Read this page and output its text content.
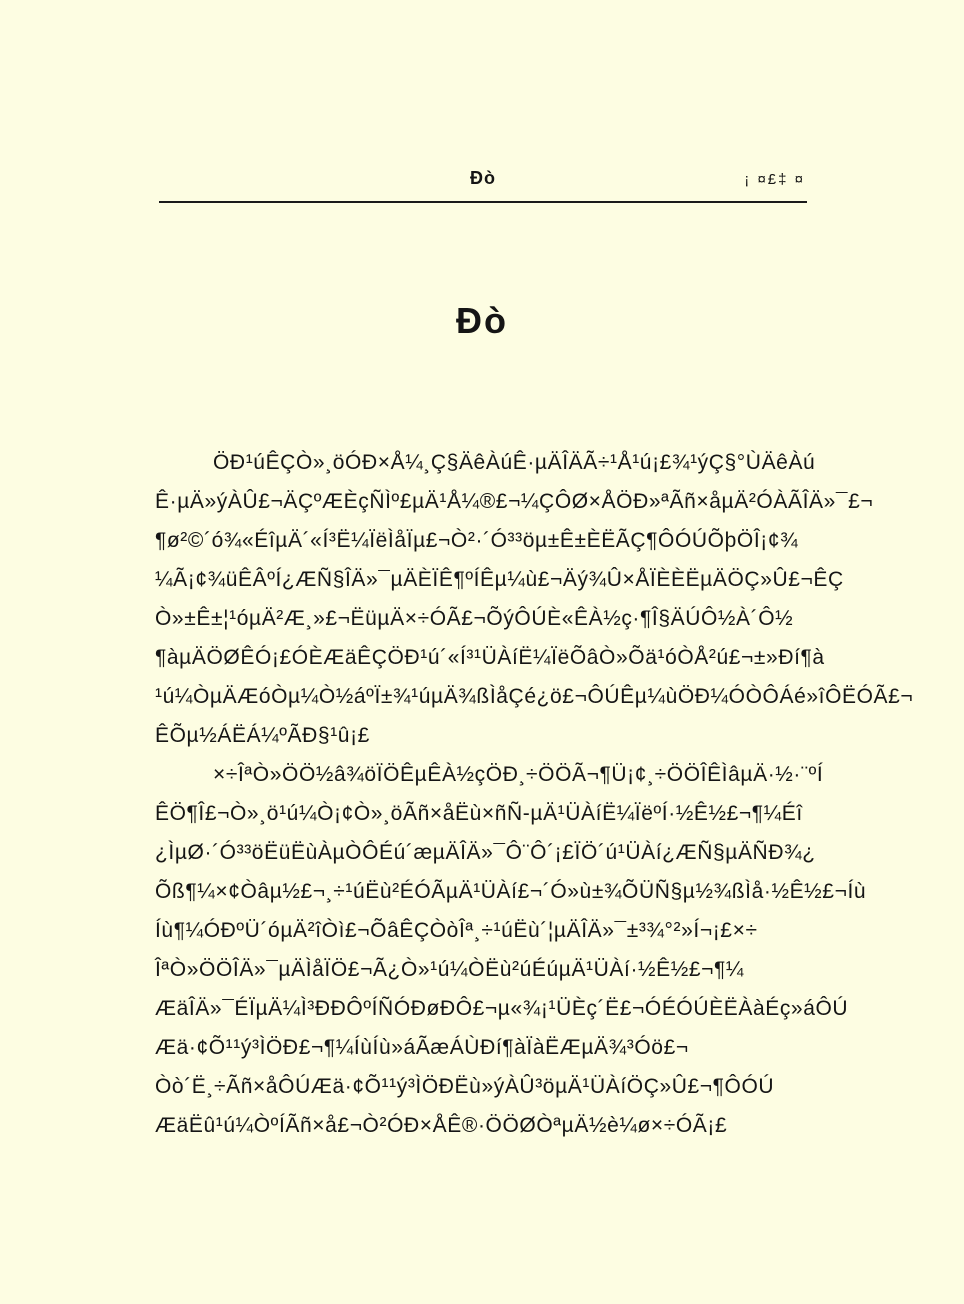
Ðò	¡ ¤£‡ ¤
Ðò
ÖÐ¹úÊÇÒ»¸öÓÐ×Å¼¸Ç§ÄêÀúÊ·µÄÎÄÃ÷¹Å¹ú¡£¾¹ýÇ§°ÙÄêÀú
Ê·µÄ»ýÀÛ£¬ÄÇºÆÈçÑÌº£µÄ¹Å¼®£¬¼ÇÔØ×ÅÖÐ»ªÃñ×åµÄ²ÓÀÃÎÄ»¯£¬
¶ø²©´ó¾«ÉîµÄ´«Í³Ë¼ÏëÌåÏµ£¬Ò²·´Ó³³öµ±Ê±ÈËÃÇ¶ÔÓÚÕþÖÎ¡¢¾
¼Ã¡¢¾üÊÂºÍ¿ÆÑ§ÎÄ»¯µÄÈÏÊ¶ºÍÊµ¼ù£¬Äý¾Û×ÅÏÈÈËµÄÖÇ»Û£¬ÊÇ
Ò»±Ê±¦¹óµÄ²Æ¸»£¬ËüµÄ×÷ÓÃ£¬ÕýÔÚÈ«ÊÀ½ç·¶Î§ÄÚÔ½À´Ô½
¶àµÄÖØÊÓ¡£ÓÈÆäÊÇÖÐ¹ú´«Í³¹ÜÀíË¼ÏëÕâÒ»Õä¹óÒÅ²ú£¬±»Ðí¶à
¹ú¼ÒµÄÆóÒµ¼Ò½áºÏ±¾¹úµÄ¾ßÌåÇé¿ö£¬ÔÚÊµ¼ùÖÐ¼ÓÒÔÁé»îÔËÓÃ£¬
ÊÕµ½ÁËÁ¼ºÃÐ§¹û¡£
×÷ÎªÒ»ÖÖ½â¾öÏÖÊµÊÀ½çÖÐ¸÷ÖÖÃ¬¶Ü¡¢¸÷ÖÖÎÊÌâµÄ·½·¨ºÍ
ÊÖ¶Î£¬Ò»¸ö¹ú¼Ò¡¢Ò»¸öÃñ×åËù×ñÑ-µÄ¹ÜÀíË¼ÏëºÍ·½Ê½£¬¶¼Éî
¿ÌµØ·´Ó³³öËüËùÀµÒÔÉú´æµÄÎÄ»¯Ô¨Ô´¡£ÏÖ´ú¹ÜÀí¿ÆÑ§µÄÑÐ¾¿
Õß¶¼×¢Òâµ½£¬¸÷¹úËù²ÉÓÃµÄ¹ÜÀí£¬´Ó»ù±¾ÕÜÑ§µ½¾ßÌå·½Ê½£¬Íù
Íù¶¼ÓÐºÜ´óµÄ²îÒì£¬ÕâÊÇÒòÎª¸÷¹úËù´¦µÄÎÄ»¯±³¾°²»Í¬¡£×÷
ÎªÒ»ÖÖÎÄ»¯µÄÌåÏÖ£¬Ã¿Ò»¹ú¼ÒËù²úÉúµÄ¹ÜÀí·½Ê½£¬¶¼
ÆäÎÄ»¯ÉÏµÄ¼Ì³ÐÐÔºÍÑÓÐøÐÔ£¬µ«¾¡¹ÜÈç´Ë£¬ÓÉÓÚÈËÀàÉç»áÔÚ
Æä·¢Õ¹¹ý³ÌÖÐ£¬¶¼ÍùÍù»áÃæÁÙÐí¶àÏàËÆµÄ¾³Óö£¬
Òò´Ë¸÷Ãñ×åÔÚÆä·¢Õ¹¹ý³ÌÖÐËù»ýÀÛ³öµÄ¹ÜÀíÖÇ»Û£¬¶ÔÓÚ
ÆäËû¹ú¼ÒºÍÃñ×å£¬Ò²ÓÐ×ÅÊ®·ÖÖØÒªµÄ½è¼ø×÷ÓÃ¡£
